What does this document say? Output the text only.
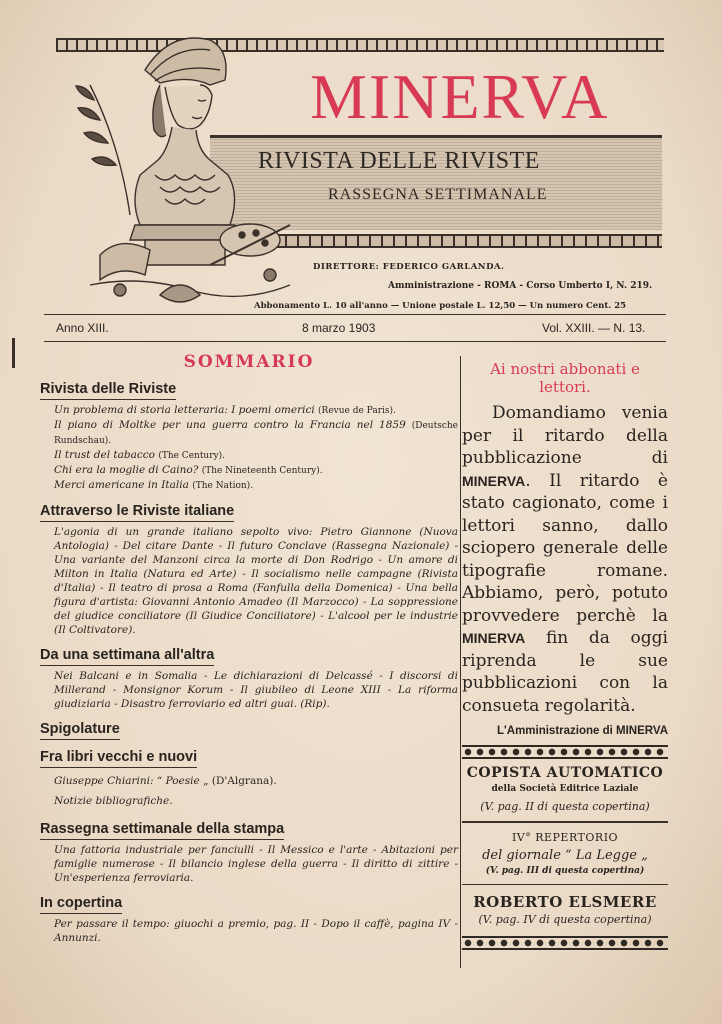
MINERVA
RIVISTA DELLE RIVISTE
RASSEGNA SETTIMANALE
DIRETTORE: FEDERICO GARLANDA.
Amministrazione - ROMA - Corso Umberto I, N. 219.
Abbonamento L. 10 all'anno — Unione postale L. 12,50 — Un numero Cent. 25
Anno XIII.	8 marzo 1903	Vol. XXIII. — N. 13.
SOMMARIO
Rivista delle Riviste

Un problema di storia letteraria: I poemi omerici (Revue de Paris).

Il piano di Moltke per una guerra contro la Francia nel 1859 (Deutsche Rundschau).

Il trust del tabacco (The Century).

Chi era la moglie di Caino? (The Nineteenth Century).

Merci americane in Italia (The Nation).

Attraverso le Riviste italiane

L'agonia di un grande italiano sepolto vivo: Pietro Giannone (Nuova Antologia) - Del citare Dante - Il futuro Conclave (Rassegna Nazionale) - Una variante del Manzoni circa la morte di Don Rodrigo - Un amore di Milton in Italia (Natura ed Arte) - Il socialismo nelle campagne (Rivista d'Italia) - Il teatro di prosa a Roma (Fanfulla della Domenica) - Una bella figura d'artista: Giovanni Antonio Amadeo (Il Marzocco) - La soppressione del giudice conciliatore (Il Giudice Conciliatore) - L'alcool per le industrie (Il Coltivatore).

Da una settimana all'altra

Nei Balcani e in Somalia - Le dichiarazioni di Delcassé - I discorsi di Millerand - Monsignor Korum - Il giubileo di Leone XIII - La riforma giudiziaria - Disastro ferroviario ed altri guai. (Rip).

Spigolature
Fra libri vecchi e nuovi

Giuseppe Chiarini: “ Poesie „ (D'Algrana).

Notizie bibliografiche.

Rassegna settimanale della stampa

Una fattoria industriale per fanciulli - Il Messico e l'arte - Abitazioni per famiglie numerose - Il bilancio inglese della guerra - Il diritto di zittire - Un'esperienza ferroviaria.

In copertina

Per passare il tempo: giuochi a premio, pag. II - Dopo il caffè, pagina IV - Annunzi.

Ai nostri abbonati e lettori.
Domandiamo venia per il ritardo della pubblicazione di MINERVA. Il ritardo è stato cagionato, come i lettori sanno, dallo sciopero generale delle tipografie romane. Abbiamo, però, potuto provvedere perchè la MINERVA fin da oggi riprenda le sue pubblicazioni con la consueta regolarità.
L'Amministrazione di MINERVA
COPISTA AUTOMATICO
della Società Editrice Laziale
(V. pag. II di questa copertina)
IV° REPERTORIO
del giornale “ La Legge „
(V. pag. III di questa copertina)
ROBERTO ELSMERE
(V. pag. IV di questa copertina)
